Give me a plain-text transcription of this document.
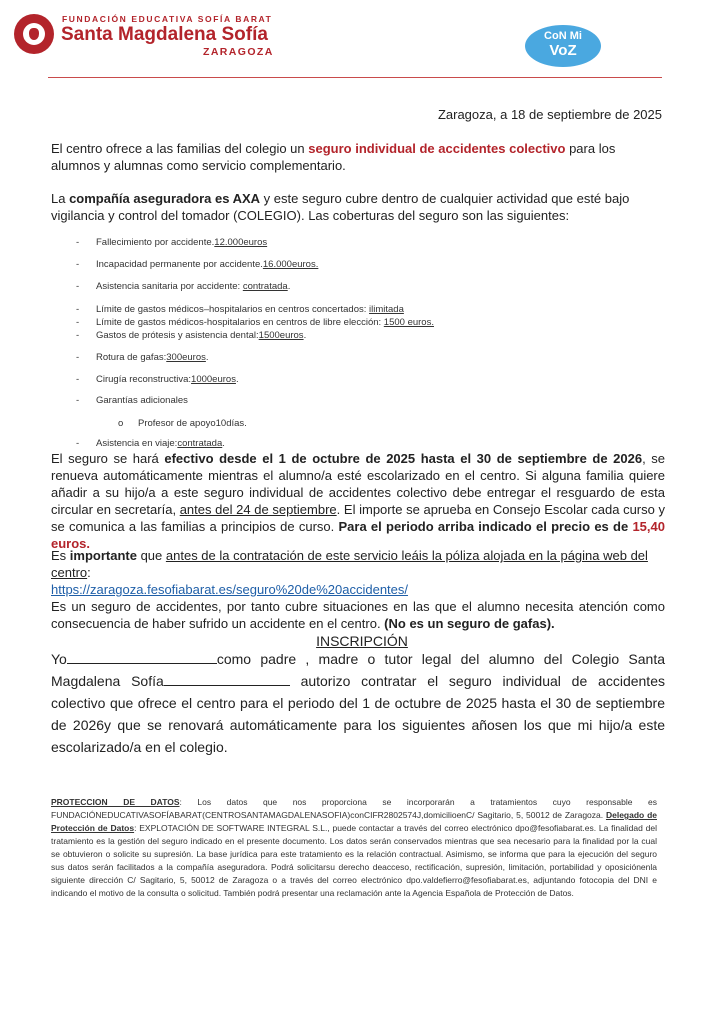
FUNDACIÓN EDUCATIVA SOFÍA BARAT
Santa Magdalena Sofía
ZARAGOZA
CoN Mi
VoZ
Zaragoza, a 18 de septiembre de 2025
El centro ofrece a las familias del colegio un seguro individual de accidentes colectivo para los alumnos y alumnas como servicio complementario.
La compañía aseguradora es AXA y este seguro cubre dentro de cualquier actividad que esté bajo vigilancia y control del tomador (COLEGIO). Las coberturas del seguro son las siguientes:
- Fallecimiento por accidente.12.000euros
- Incapacidad permanente por accidente.16.000euros.
- Asistencia sanitaria por accidente: contratada.
- Límite de gastos médicos–hospitalarios en centros concertados: ilimitada
- Límite de gastos médicos-hospitalarios en centros de libre elección: 1500 euros.
- Gastos de prótesis y asistencia dental:1500euros.
- Rotura de gafas:300euros.
- Cirugía reconstructiva:1000euros.
- Garantías adicionales
o Profesor de apoyo10días.
- Asistencia en viaje:contratada.
El seguro se hará efectivo desde el 1 de octubre de 2025 hasta el 30 de septiembre de 2026, se renueva automáticamente mientras el alumno/a esté escolarizado en el centro. Si alguna familia quiere añadir a su hijo/a a este seguro individual de accidentes colectivo debe entregar el resguardo de esta circular en secretaría, antes del 24 de septiembre. El importe se aprueba en Consejo Escolar cada curso y se comunica a las familias a principios de curso. Para el periodo arriba indicado el precio es de 15,40 euros.
Es importante que antes de la contratación de este servicio leáis la póliza alojada en la página web del centro:
https://zaragoza.fesofiabarat.es/seguro%20de%20accidentes/
Es un seguro de accidentes, por tanto cubre situaciones en las que el alumno necesita atención como consecuencia de haber sufrido un accidente en el centro. (No es un seguro de gafas).
INSCRIPCIÓN
Yo	como padre , madre o tutor legal del alumno del Colegio Santa Magdalena Sofía	autorizo contratar el seguro individual de accidentes colectivo que ofrece el centro para el periodo del 1 de octubre de 2025 hasta el 30 de septiembre de 2026y que se renovará automáticamente para los siguientes añosen los que mi hijo/a este escolarizado/a en el colegio.
PROTECCION DE DATOS: Los datos que nos proporciona se incorporarán a tratamientos cuyo responsable es FUNDACIÓNEDUCATIVASOFÍABARAT(CENTROSANTAMAGDALENASOFIA)conCIFR2802574J,domicilioenC/ Sagitario, 5, 50012 de Zaragoza. Delegado de Protección de Datos: EXPLOTACIÓN DE SOFTWARE INTEGRAL S.L., puede contactar a través del correo electrónico dpo@fesofiabarat.es. La finalidad del tratamiento es la gestión del seguro indicado en el presente documento. Los datos serán conservados mientras que sea necesario para la finalidad por la cual se obtuvieron o solicite su supresión. La base jurídica para este tratamiento es la relación contractual. Asimismo, se informa que para la ejecución del seguro sus datos serán facilitados a la compañía aseguradora. Podrá solicitarsu derecho deacceso, rectificación, supresión, limitación, portabilidad y oposiciónenla siguiente dirección C/ Sagitario, 5, 50012 de Zaragoza o a través del correo electrónico dpo.valdefierro@fesofiabarat.es, adjuntando fotocopia del DNI e indicando el motivo de la consulta o solicitud. También podrá presentar una reclamación ante la Agencia Española de Protección de Datos.
